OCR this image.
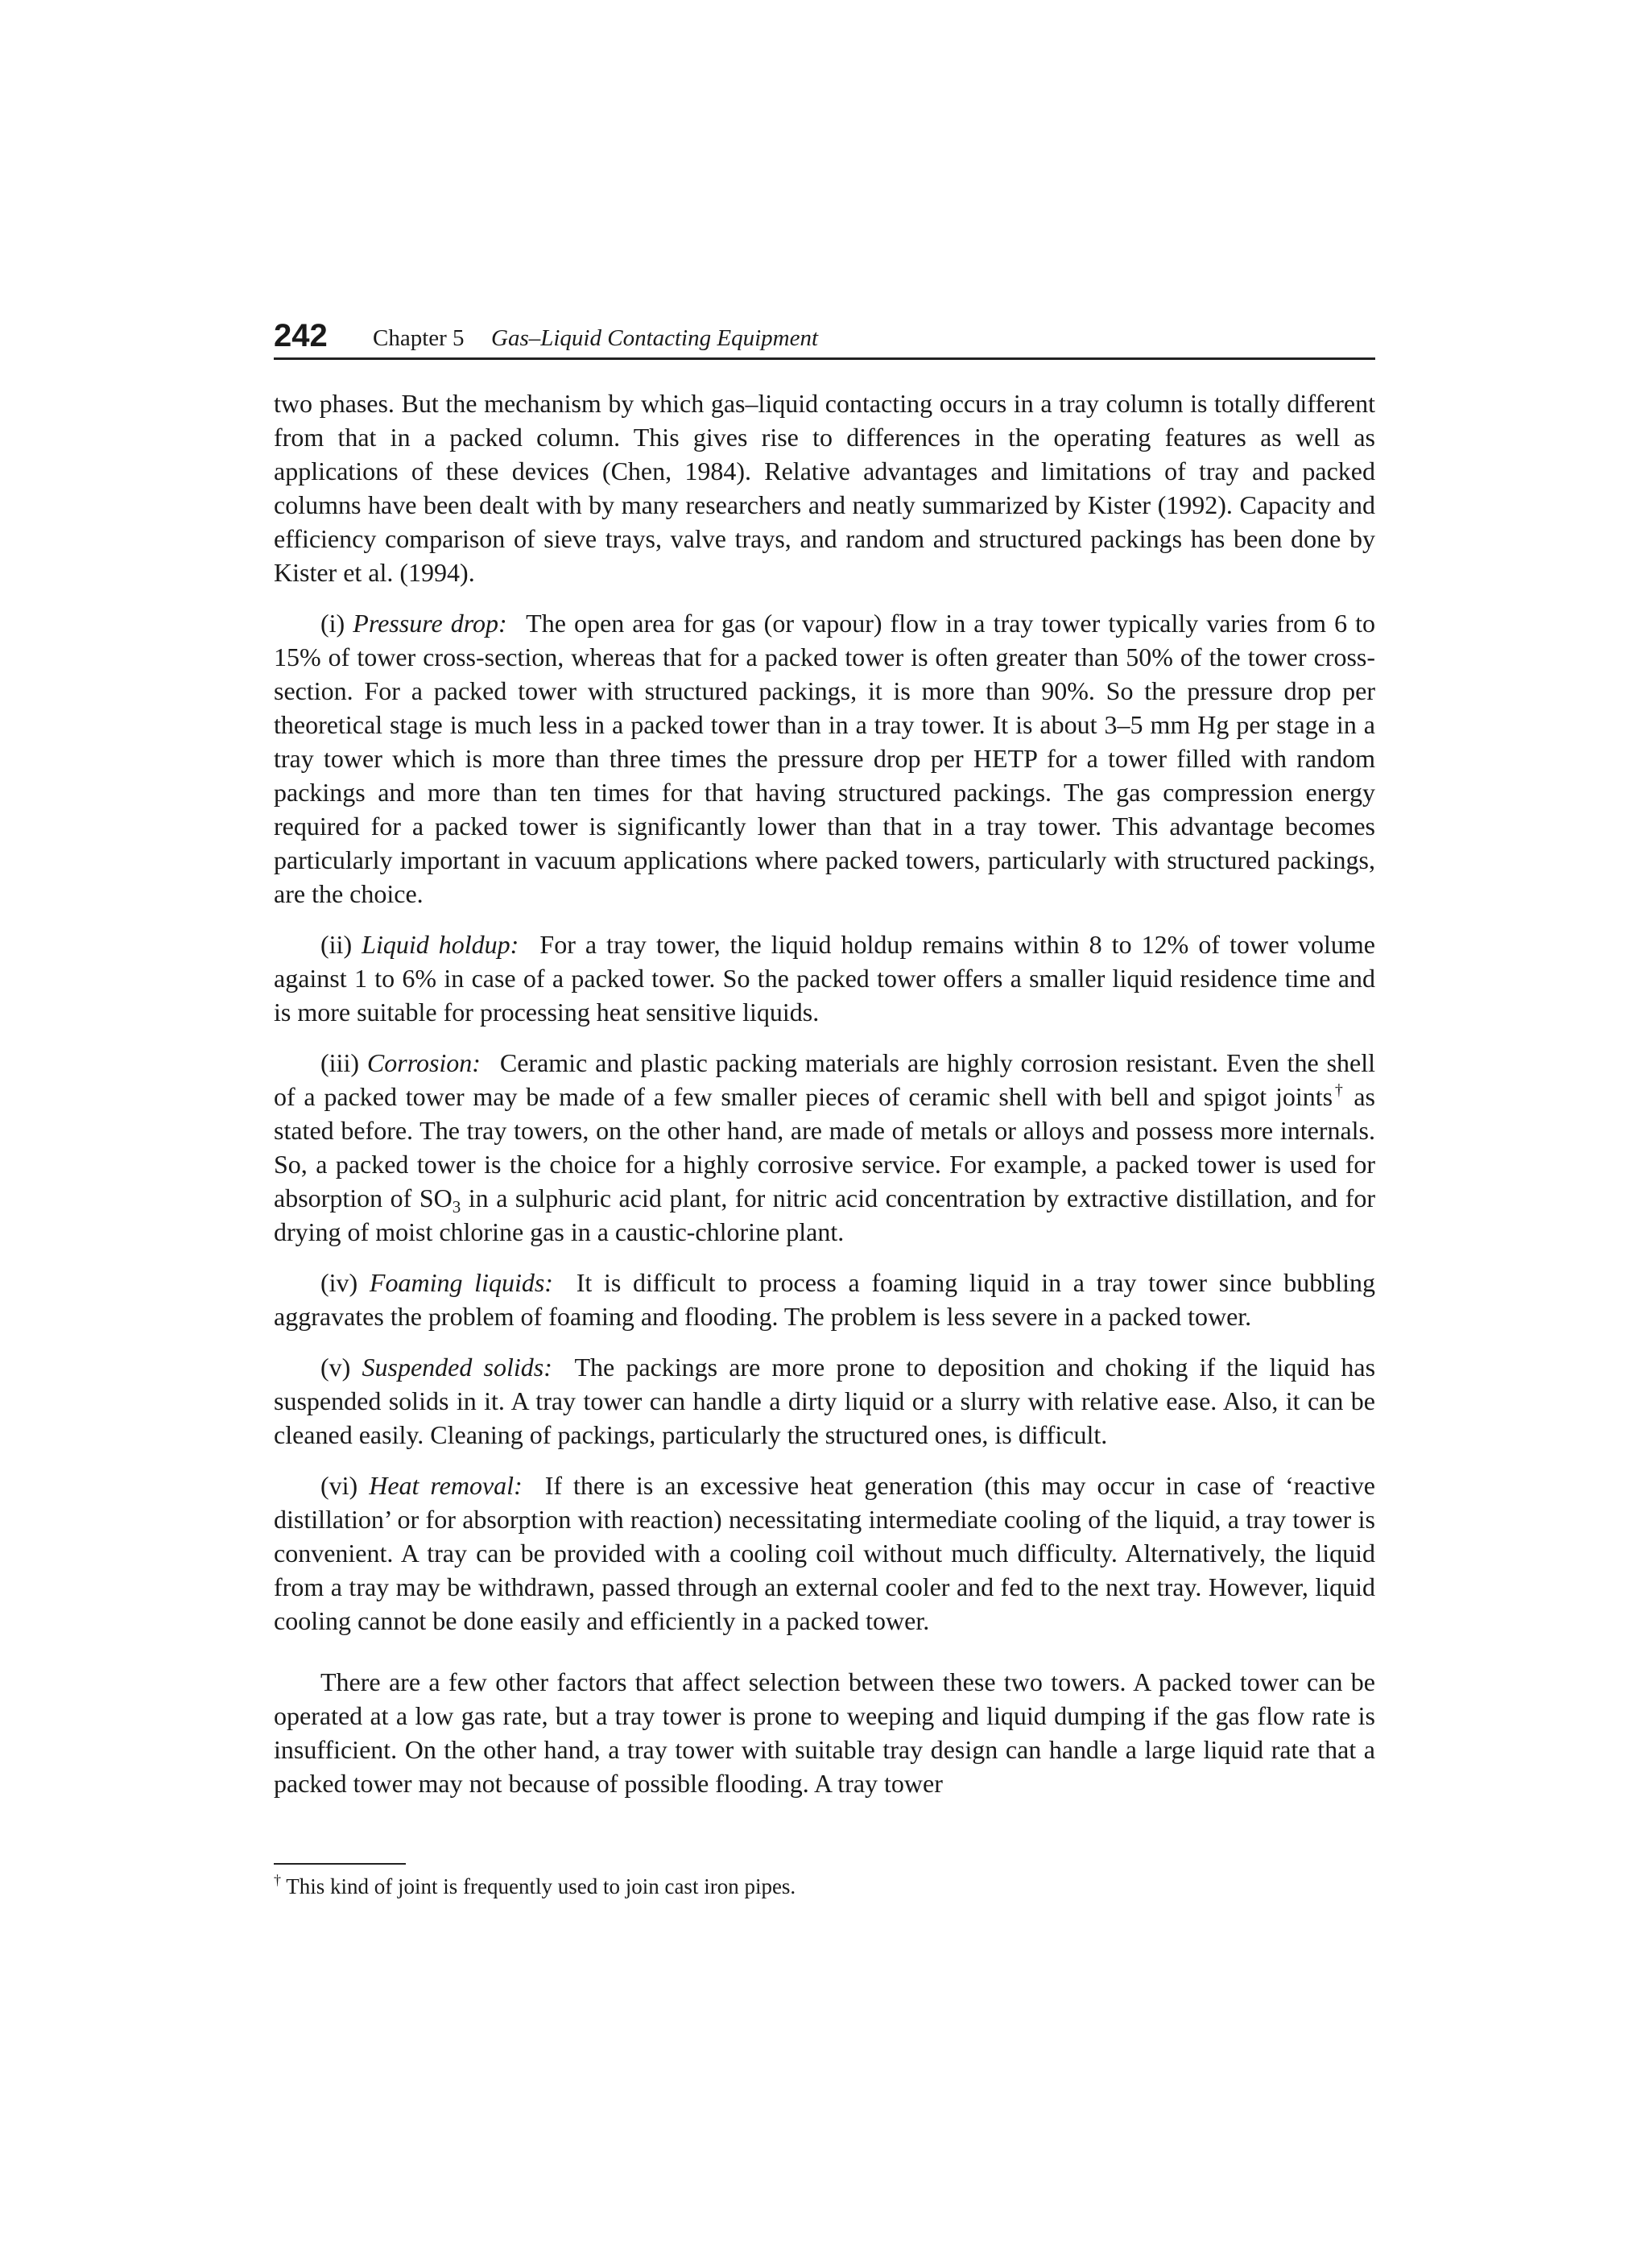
242 Chapter 5 Gas–Liquid Contacting Equipment

two phases. But the mechanism by which gas–liquid contacting occurs in a tray column is totally different from that in a packed column. This gives rise to differences in the operating features as well as applications of these devices (Chen, 1984). Relative advantages and limitations of tray and packed columns have been dealt with by many researchers and neatly summarized by Kister (1992). Capacity and efficiency comparison of sieve trays, valve trays, and random and structured packings has been done by Kister et al. (1994).

(i) Pressure drop: The open area for gas (or vapour) flow in a tray tower typically varies from 6 to 15% of tower cross-section, whereas that for a packed tower is often greater than 50% of the tower cross-section. For a packed tower with structured packings, it is more than 90%. So the pressure drop per theoretical stage is much less in a packed tower than in a tray tower. It is about 3–5 mm Hg per stage in a tray tower which is more than three times the pressure drop per HETP for a tower filled with random packings and more than ten times for that having structured packings. The gas compression energy required for a packed tower is significantly lower than that in a tray tower. This advantage becomes particularly important in vacuum applications where packed towers, particularly with structured packings, are the choice.

(ii) Liquid holdup: For a tray tower, the liquid holdup remains within 8 to 12% of tower volume against 1 to 6% in case of a packed tower. So the packed tower offers a smaller liquid residence time and is more suitable for processing heat sensitive liquids.

(iii) Corrosion: Ceramic and plastic packing materials are highly corrosion resistant. Even the shell of a packed tower may be made of a few smaller pieces of ceramic shell with bell and spigot joints† as stated before. The tray towers, on the other hand, are made of metals or alloys and possess more internals. So, a packed tower is the choice for a highly corrosive service. For example, a packed tower is used for absorption of $SO_3$ in a sulphuric acid plant, for nitric acid concentration by extractive distillation, and for drying of moist chlorine gas in a caustic-chlorine plant.

(iv) Foaming liquids: It is difficult to process a foaming liquid in a tray tower since bubbling aggravates the problem of foaming and flooding. The problem is less severe in a packed tower.

(v) Suspended solids: The packings are more prone to deposition and choking if the liquid has suspended solids in it. A tray tower can handle a dirty liquid or a slurry with relative ease. Also, it can be cleaned easily. Cleaning of packings, particularly the structured ones, is difficult.

(vi) Heat removal: If there is an excessive heat generation (this may occur in case of ‘reactive distillation’ or for absorption with reaction) necessitating intermediate cooling of the liquid, a tray tower is convenient. A tray can be provided with a cooling coil without much difficulty. Alternatively, the liquid from a tray may be withdrawn, passed through an external cooler and fed to the next tray. However, liquid cooling cannot be done easily and efficiently in a packed tower.

There are a few other factors that affect selection between these two towers. A packed tower can be operated at a low gas rate, but a tray tower is prone to weeping and liquid dumping if the gas flow rate is insufficient. On the other hand, a tray tower with suitable tray design can handle a large liquid rate that a packed tower may not because of possible flooding. A tray tower

† This kind of joint is frequently used to join cast iron pipes.
